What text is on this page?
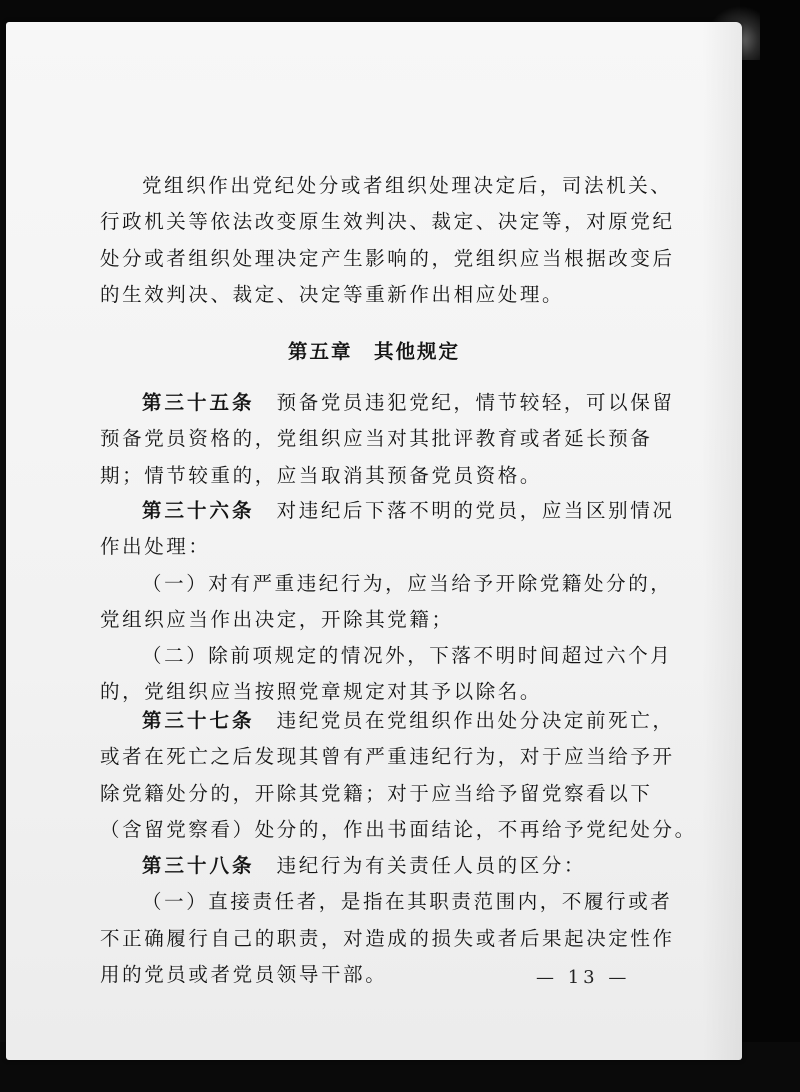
党组织作出党纪处分或者组织处理决定后，司法机关、
行政机关等依法改变原生效判决、裁定、决定等，对原党纪
处分或者组织处理决定产生影响的，党组织应当根据改变后
的生效判决、裁定、决定等重新作出相应处理。
第五章　其他规定
第三十五条　 预备党员违犯党纪，情节较轻，可以保留
预备党员资格的，党组织应当对其批评教育或者延长预备
期；情节较重的，应当取消其预备党员资格。
第三十六条　 对违纪后下落不明的党员，应当区别情况
作出处理：
（一）对有严重违纪行为，应当给予开除党籍处分的，
党组织应当作出决定，开除其党籍；
（二）除前项规定的情况外，下落不明时间超过六个月
的，党组织应当按照党章规定对其予以除名。
第三十七条　 违纪党员在党组织作出处分决定前死亡，
或者在死亡之后发现其曾有严重违纪行为，对于应当给予开
除党籍处分的，开除其党籍；对于应当给予留党察看以下
（含留党察看）处分的，作出书面结论，不再给予党纪处分。
第三十八条　 违纪行为有关责任人员的区分：
（一）直接责任者，是指在其职责范围内，不履行或者
不正确履行自己的职责，对造成的损失或者后果起决定性作
用的党员或者党员领导干部。	— 13 —
